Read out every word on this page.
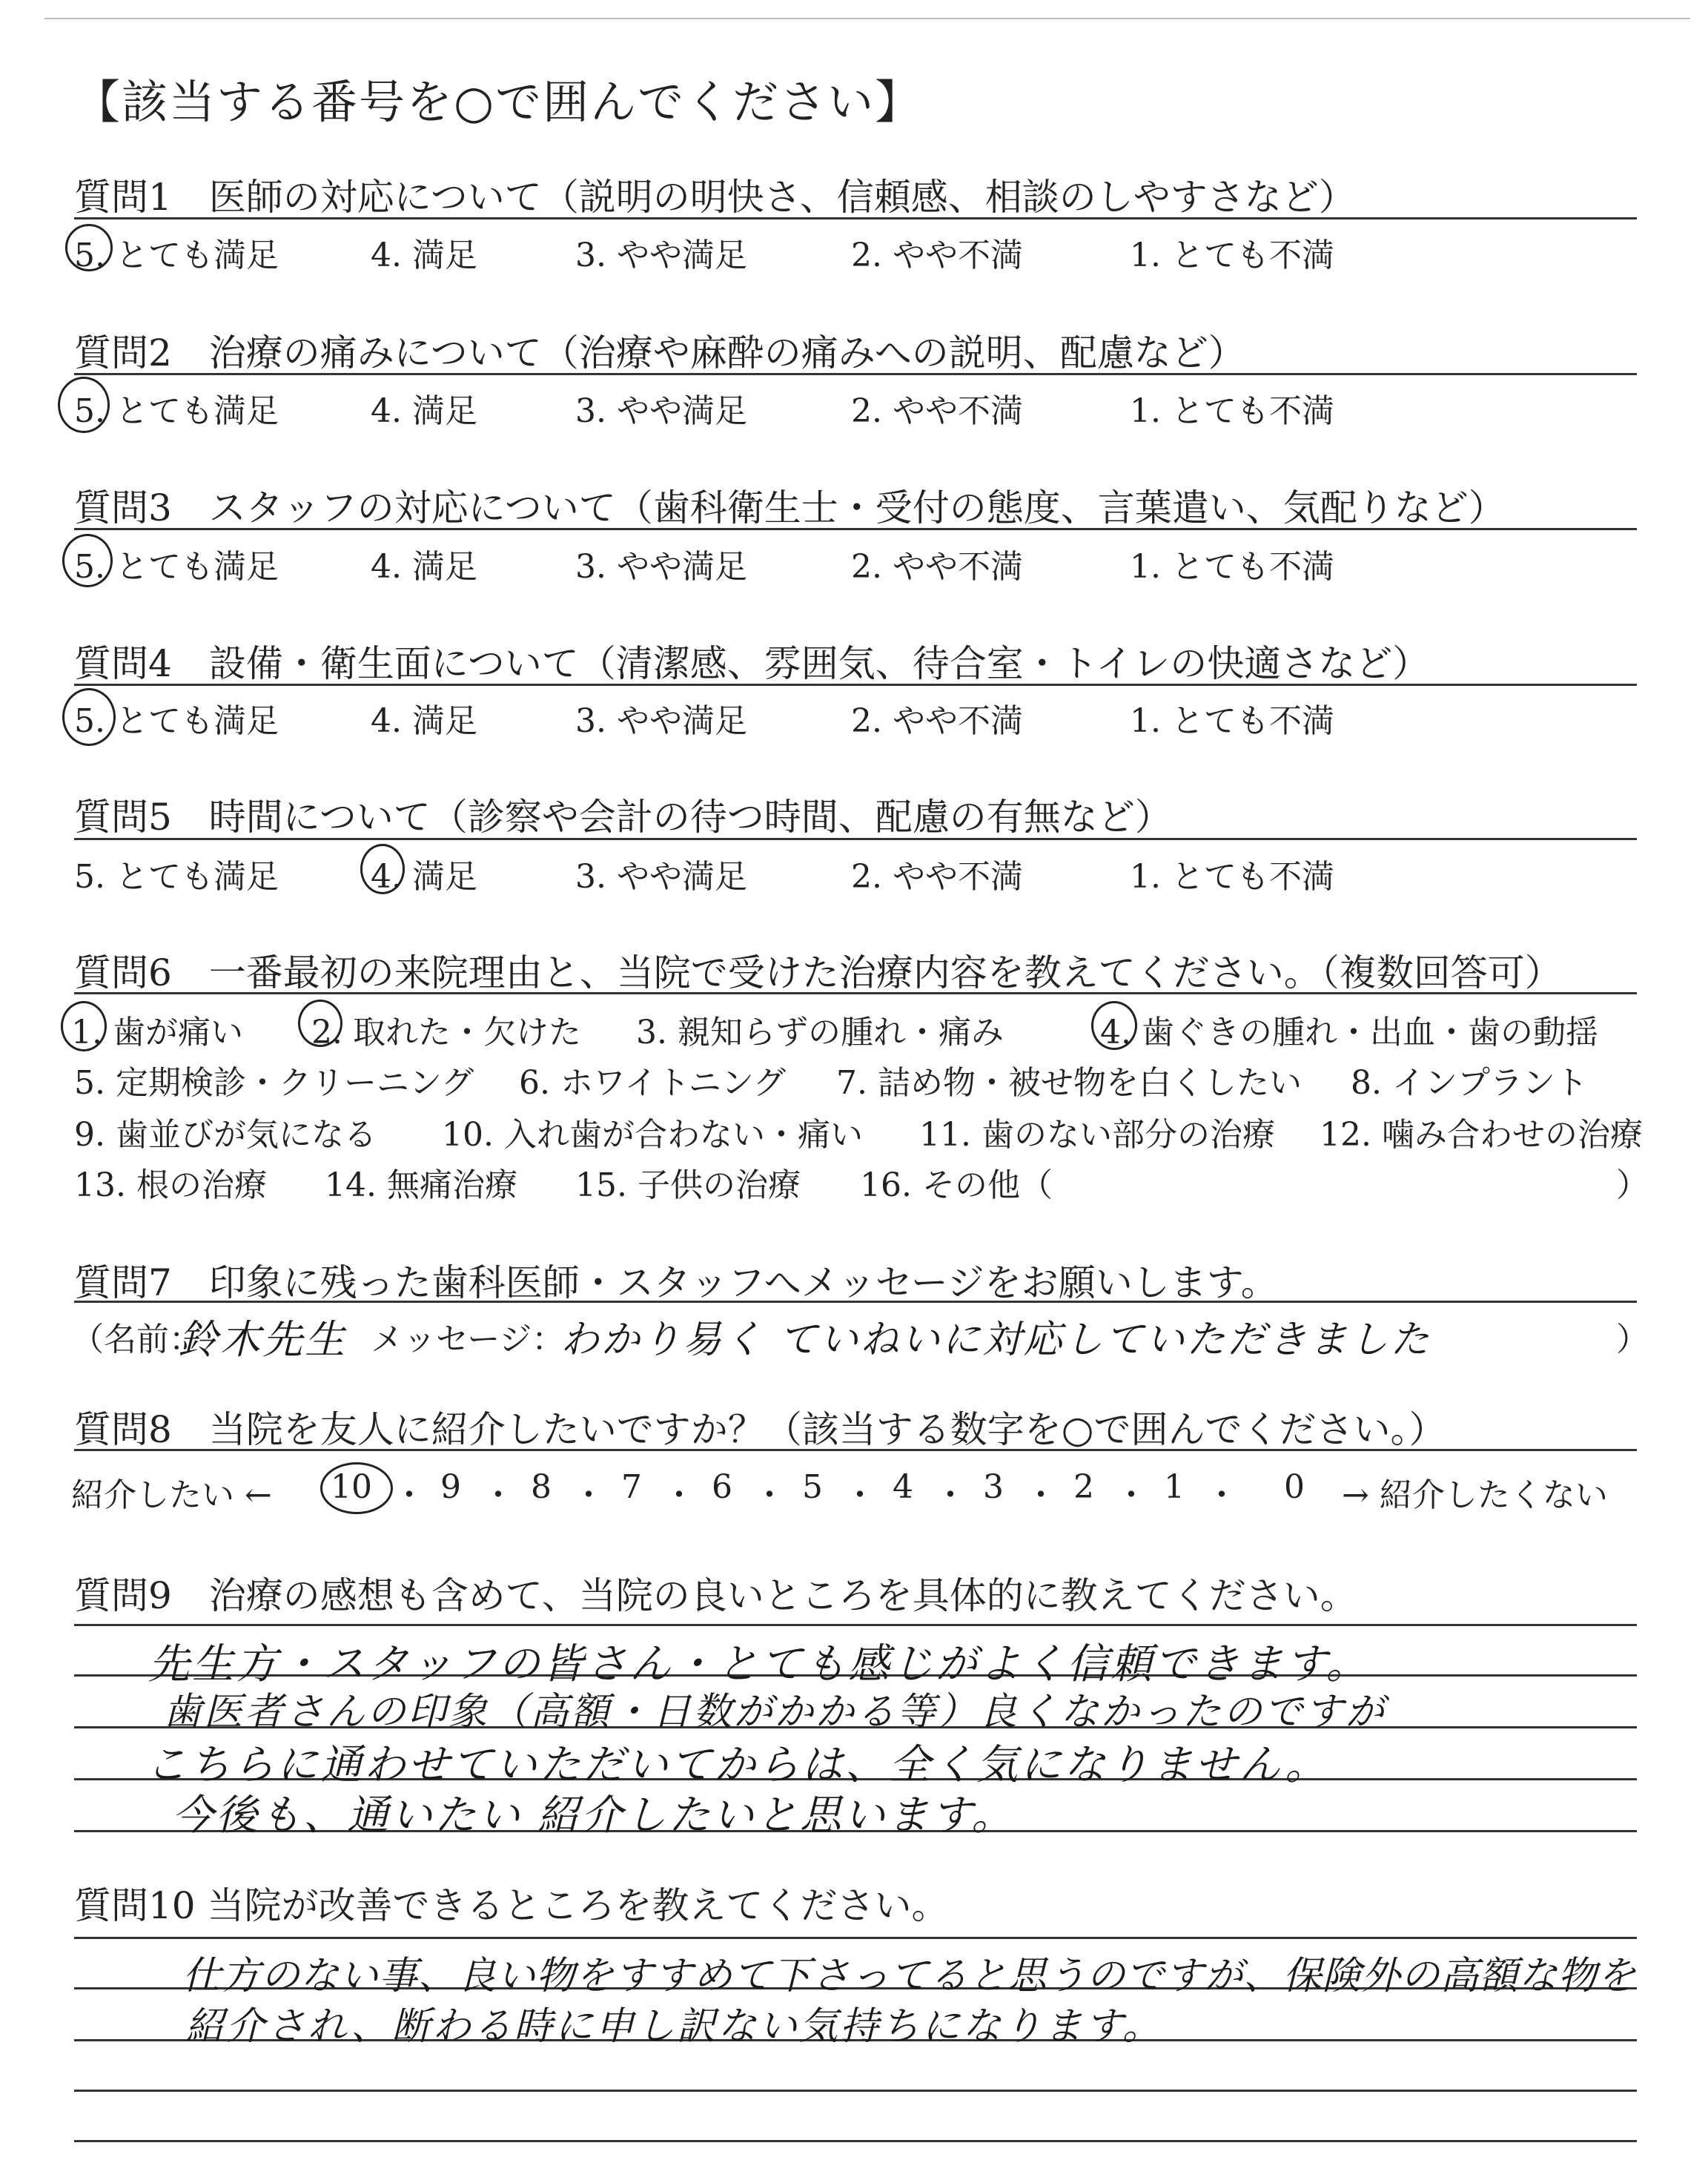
【該当する番号を○で囲んでください】
質問1　医師の対応について（説明の明快さ、信頼感、相談のしやすさなど）
5. とても満足	4. 満足	3. やや満足	2. やや不満	1. とても不満
質問2　治療の痛みについて（治療や麻酔の痛みへの説明、配慮など）
5. とても満足	4. 満足	3. やや満足	2. やや不満	1. とても不満
質問3　スタッフの対応について（歯科衛生士・受付の態度、言葉遣い、気配りなど）
5. とても満足	4. 満足	3. やや満足	2. やや不満	1. とても不満
質問4　設備・衛生面について（清潔感、雰囲気、待合室・トイレの快適さなど）
5. とても満足	4. 満足	3. やや満足	2. やや不満	1. とても不満
質問5　時間について（診察や会計の待つ時間、配慮の有無など）
5. とても満足	4. 満足	3. やや満足	2. やや不満	1. とても不満
質問6　一番最初の来院理由と、当院で受けた治療内容を教えてください。（複数回答可）
1. 歯が痛い 2. 取れた・欠けた 3. 親知らずの腫れ・痛み	4. 歯ぐきの腫れ・出血・歯の動揺
5. 定期検診・クリーニング 6. ホワイトニング 7. 詰め物・被せ物を白くしたい 8. インプラント
9. 歯並びが気になる 10. 入れ歯が合わない・痛い 11. 歯のない部分の治療 12. 噛み合わせの治療
13. 根の治療 14. 無痛治療 15. 子供の治療 16. その他（	）
質問7　印象に残った歯科医師・スタッフへメッセージをお願いします。
（名前：
鈴木先生 メッセージ：
わかり易く ていねいに対応していただきました	）
質問8　当院を友人に紹介したいですか？（該当する数字を○で囲んでください。）
紹介したい ← 10 ・ 9 ・ 8 ・ 7 ・ 6 ・ 5 ・ 4 ・ 3 ・ 2 ・ 1 ・ 0 → 紹介したくない
質問9　治療の感想も含めて、当院の良いところを具体的に教えてください。
先生方・スタッフの皆さん・とても感じがよく信頼できます。
歯医者さんの印象（高額・日数がかかる等）良くなかったのですが
こちらに通わせていただいてからは、全く気になりません。
今後も、通いたい 紹介したいと思います。
質問10 当院が改善できるところを教えてください。
仕方のない事、良い物をすすめて下さってると思うのですが、保険外の高額な物を
紹介され、断わる時に申し訳ない気持ちになります。
